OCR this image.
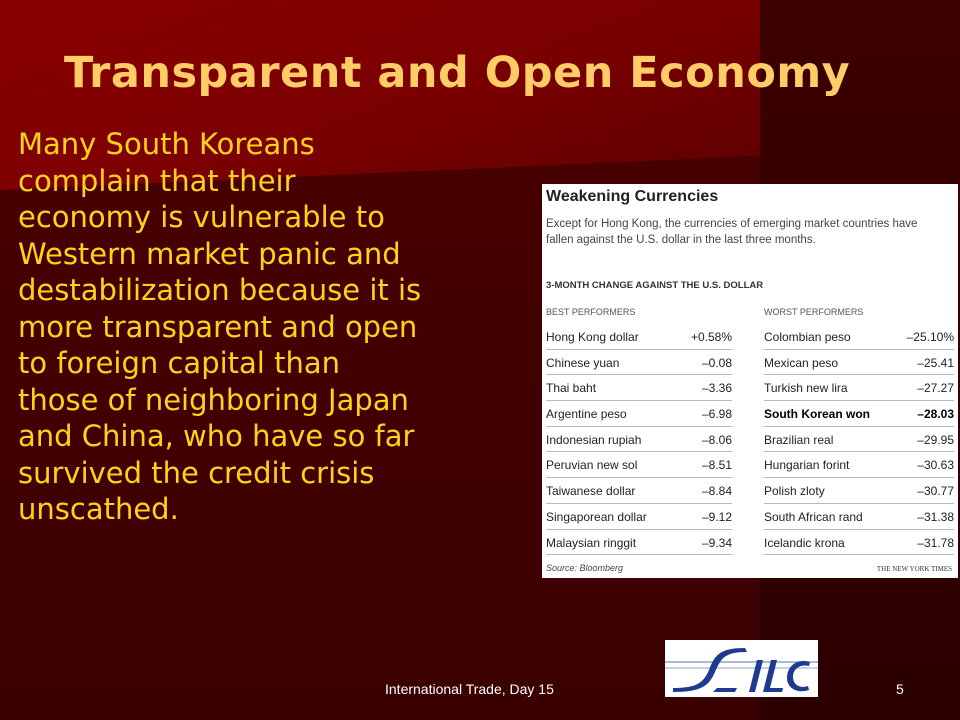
Transparent and Open Economy
Many South Koreans
complain that their
economy is vulnerable to
Western market panic and
destabilization because it is
more transparent and open
to foreign capital than
those of neighboring Japan
and China, who have so far
survived the credit crisis
unscathed.
Weakening Currencies
Except for Hong Kong, the currencies of emerging market countries have fallen against the U.S. dollar in the last three months.
3-MONTH CHANGE AGAINST THE U.S. DOLLAR
BEST PERFORMERS	WORST PERFORMERS
Hong Kong dollar	+0.58%
Chinese yuan	–0.08
Thai baht	–3.36
Argentine peso	–6.98
Indonesian rupiah	–8.06
Peruvian new sol	–8.51
Taiwanese dollar	–8.84
Singaporean dollar	–9.12
Malaysian ringgit	–9.34
Colombian peso	–25.10%
Mexican peso	–25.41
Turkish new lira	–27.27
South Korean won	–28.03
Brazilian real	–29.95
Hungarian forint	–30.63
Polish zloty	–30.77
South African rand	–31.38
Icelandic krona	–31.78
Source: Bloomberg	THE NEW YORK TIMES
International Trade, Day 15	5
